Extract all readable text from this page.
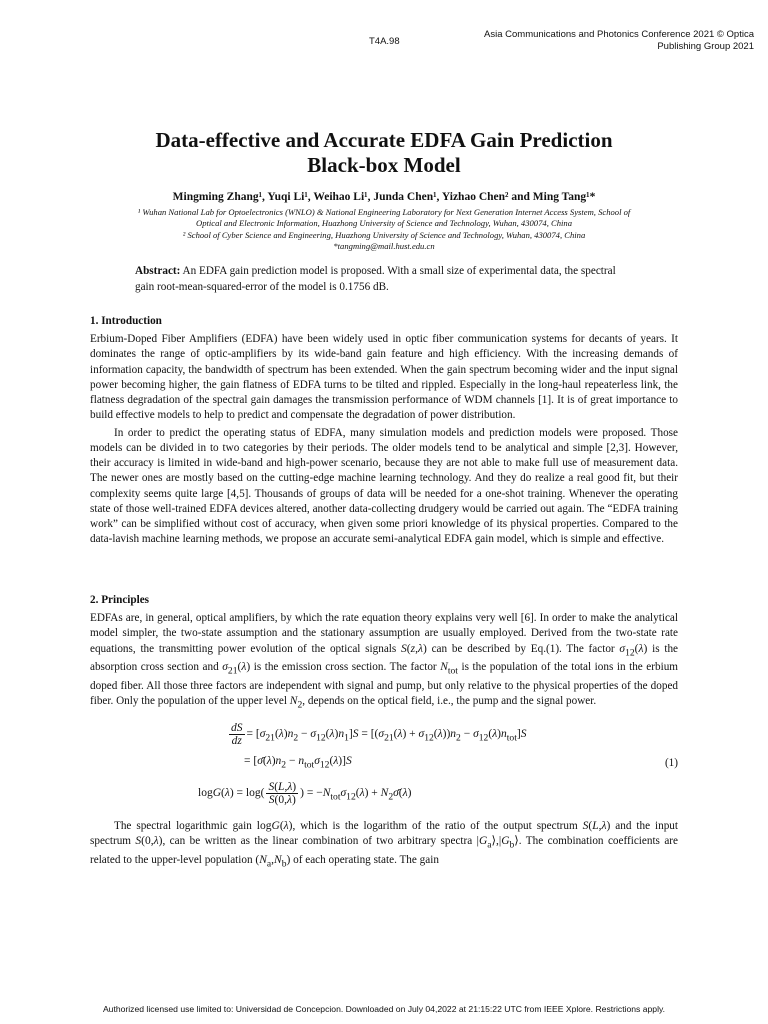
T4A.98
Asia Communications and Photonics Conference 2021 © Optica
Publishing Group 2021
Data-effective and Accurate EDFA Gain Prediction
Black-box Model
Mingming Zhang¹, Yuqi Li¹, Weihao Li¹, Junda Chen¹, Yizhao Chen² and Ming Tang¹*
¹ Wuhan National Lab for Optoelectronics (WNLO) & National Engineering Laboratory for Next Generation Internet Access System, School of
Optical and Electronic Information, Huazhong University of Science and Technology, Wuhan, 430074, China
² School of Cyber Science and Engineering, Huazhong University of Science and Technology, Wuhan, 430074, China
*tangming@mail.hust.edu.cn
Abstract: An EDFA gain prediction model is proposed. With a small size of experimental data, the spectral gain root-mean-squared-error of the model is 0.1756 dB.
1. Introduction

Erbium-Doped Fiber Amplifiers (EDFA) have been widely used in optic fiber communication systems for decants of years. It dominates the range of optic-amplifiers by its wide-band gain feature and high efficiency. With the increasing demands of information capacity, the bandwidth of spectrum has been extended. When the gain spectrum becoming wider and the input signal power becoming higher, the gain flatness of EDFA turns to be tilted and rippled. Especially in the long-haul repeaterless link, the flatness degradation of the spectral gain damages the transmission performance of WDM channels [1]. It is of great importance to build effective models to help to predict and compensate the degradation of power distribution.

In order to predict the operating status of EDFA, many simulation models and prediction models were proposed. Those models can be divided in to two categories by their periods. The older models tend to be analytical and simple [2,3]. However, their accuracy is limited in wide-band and high-power scenario, because they are not able to make full use of measurement data. The newer ones are mostly based on the cutting-edge machine learning technology. And they do realize a real good fit, but their complexity seems quite large [4,5]. Thousands of groups of data will be needed for a one-shot training. Whenever the operating state of those well-trained EDFA devices altered, another data-collecting drudgery would be carried out again. The “EDFA training work” can be simplified without cost of accuracy, when given some priori knowledge of its physical properties. Compared to the data-lavish machine learning methods, we propose an accurate semi-analytical EDFA gain model, which is simple and effective.

2. Principles
EDFAs are, in general, optical amplifiers, by which the rate equation theory explains very well [6]. In order to make the analytical model simpler, the two-state assumption and the stationary assumption are usually employed. Derived from the two-state rate equations, the transmitting power evolution of the optical signals S(z,λ) can be described by Eq.(1). The factor $\sigma_{12}(\lambda)$ is the absorption cross section and $\sigma_{21}(\lambda)$ is the emission cross section. The factor $N_{tot}$ is the population of the total ions in the erbium doped fiber. All those three factors are independent with signal and pump, but only relative to the physical properties of the doped fiber. Only the population of the upper level $N_2$, depends on the optical field, i.e., the pump and the signal power.
$\frac{dS}{dz} = [\sigma_{21}(\lambda)n_2 - \sigma_{12}(\lambda)n_1]S = [(\sigma_{21}(\lambda) + \sigma_{12}(\lambda))n_2 - \sigma_{12}(\lambda)n_{tot}]S$
= $[\sigmā(\lambda)n_2 - n_{tot}\sigma_{12}(\lambda)]S$	(1)
$\log G(\lambda) = \log( \frac{S(L,\lambda)}{S(0,\lambda)}$ ) = $-N_{tot}\sigma_{12}(\lambda)$ + $N_2\sigmā(\lambda)$

The spectral logarithmic gain logG(λ), which is the logarithm of the ratio of the output spectrum S(L,λ) and the input spectrum S(0,λ), can be written as the linear combination of two arbitrary spectra $|G_a⟩,|G_b⟩$. The combination coefficients are related to the upper-level population $(N_a,N_b)$ of each operating state. The gain

Authorized licensed use limited to: Universidad de Concepcion. Downloaded on July 04,2022 at 21:15:22 UTC from IEEE Xplore. Restrictions apply.
